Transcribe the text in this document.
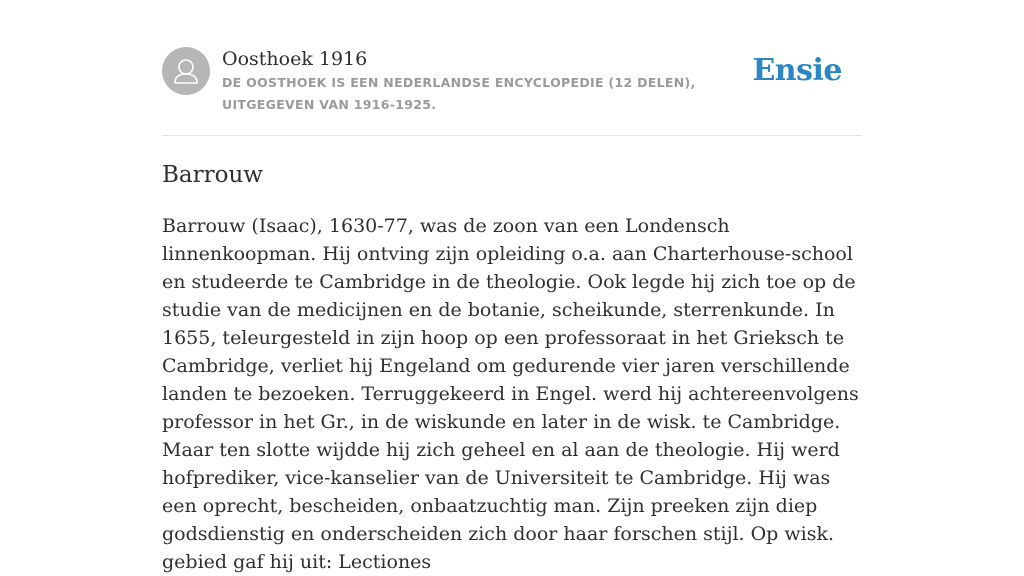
Oosthoek 1916
DE OOSTHOEK IS EEN NEDERLANDSE ENCYCLOPEDIE (12 DELEN), UITGEGEVEN VAN 1916-1925.
Ensie
Barrouw

Barrouw (Isaac), 1630-77, was de zoon van een Londensch linnenkoopman. Hij ontving zijn opleiding o.a. aan Charterhouse-school en studeerde te Cambridge in de theologie. Ook legde hij zich toe op de studie van de medicijnen en de botanie, scheikunde, sterrenkunde. In 1655, teleurgesteld in zijn hoop op een professoraat in het Grieksch te Cambridge, verliet hij Engeland om gedurende vier jaren verschillende landen te bezoeken. Terruggekeerd in Engel. werd hij achtereenvolgens professor in het Gr., in de wiskunde en later in de wisk. te Cambridge. Maar ten slotte wijdde hij zich geheel en al aan de theologie. Hij werd hofprediker, vice-kanselier van de Universiteit te Cambridge. Hij was een oprecht, bescheiden, onbaatzuchtig man. Zijn preeken zijn diep godsdienstig en onderscheiden zich door haar forschen stijl. Op wisk. gebied gaf hij uit: Lectiones
